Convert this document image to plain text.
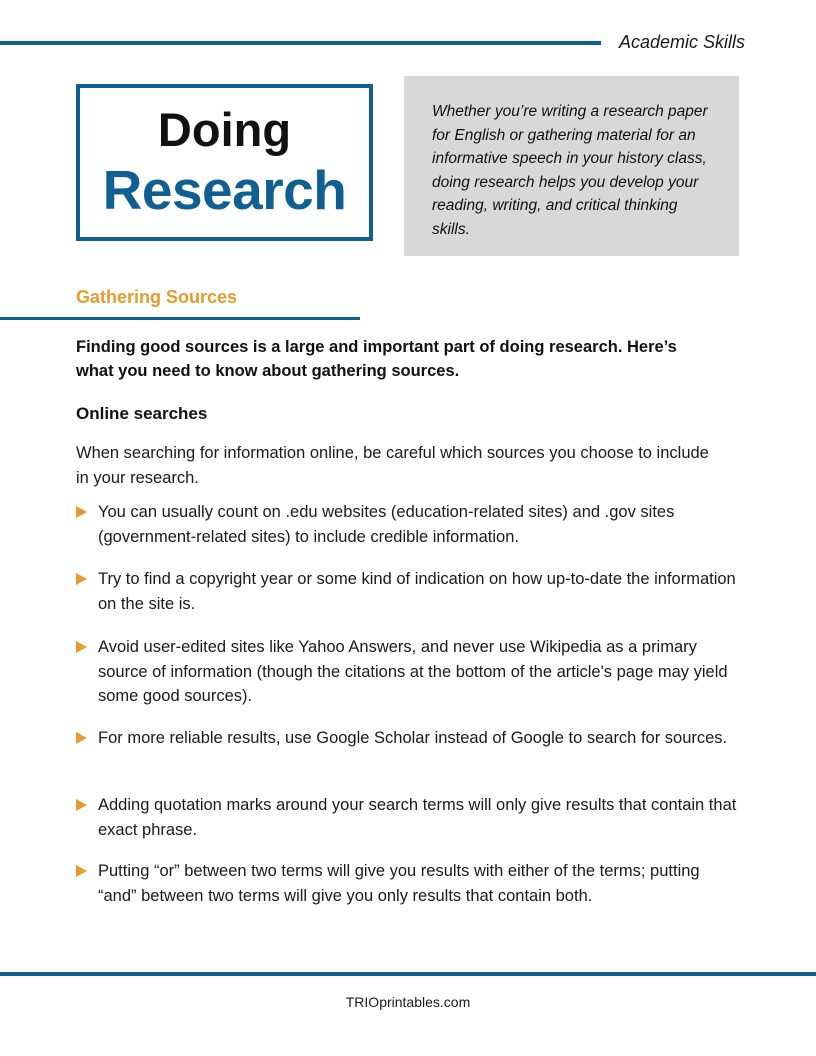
Academic Skills
Doing
Research
Whether you’re writing a research paper for English or gathering material for an informative speech in your history class, doing research helps you develop your reading, writing, and critical thinking skills.
Gathering Sources
Finding good sources is a large and important part of doing research. Here’s what you need to know about gathering sources.
Online searches
When searching for information online, be careful which sources you choose to include in your research.
You can usually count on .edu websites (education-related sites) and .gov sites (government-related sites) to include credible information.
Try to find a copyright year or some kind of indication on how up-to-date the information on the site is.
Avoid user-edited sites like Yahoo Answers, and never use Wikipedia as a primary source of information (though the citations at the bottom of the article's page may yield some good sources).
For more reliable results, use Google Scholar instead of Google to search for sources.
Adding quotation marks around your search terms will only give results that contain that exact phrase.
Putting “or” between two terms will give you results with either of the terms; putting “and” between two terms will give you only results that contain both.
TRIOprintables.com
